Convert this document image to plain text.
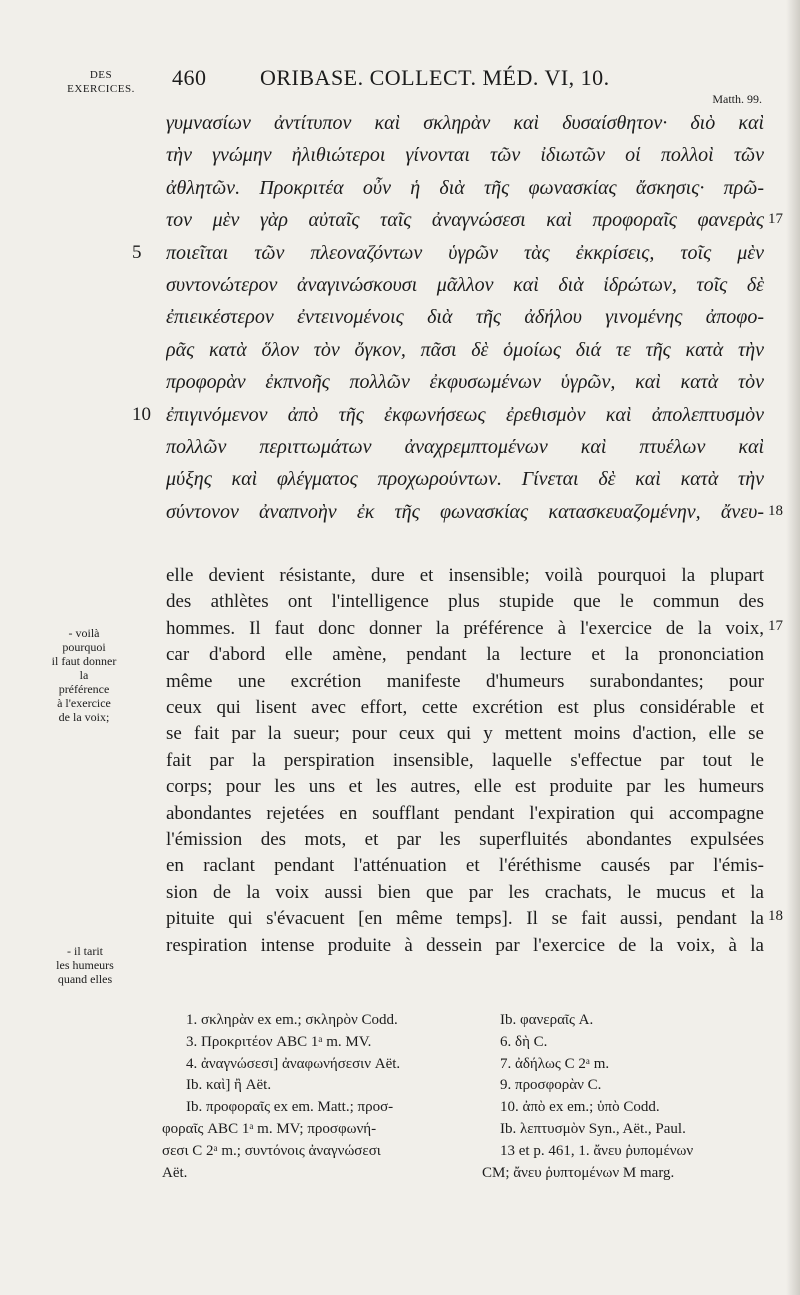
DES
EXERCICES.	460 ORIBASE. COLLECT. MÉD. VI, 10.
Matth. 99.
γυμνασίων ἀντίτυπον καὶ σκληρὰν καὶ δυσαίσθητον· διὸ καὶ
τὴν γνώμην ἠλιθιώτεροι γίνονται τῶν ἰδιωτῶν οἱ πολλοὶ τῶν
ἀθλητῶν. Προκριτέα οὖν ἡ διὰ τῆς φωνασκίας ἄσκησις· πρῶ-
τον μὲν γὰρ αὐταῖς ταῖς ἀναγνώσεσι καὶ προφοραῖς φανερὰς 17
ποιεῖται τῶν πλεοναζόντων ὑγρῶν τὰς ἐκκρίσεις, τοῖς μὲν
5
συντονώτερον ἀναγινώσκουσι μᾶλλον καὶ διὰ ἱδρώτων, τοῖς δὲ
ἐπιεικέστερον ἐντεινομένοις διὰ τῆς ἀδήλου γινομένης ἀποφο-
ρᾶς κατὰ ὅλον τὸν ὄγκον, πᾶσι δὲ ὁμοίως διά τε τῆς κατὰ τὴν
προφορὰν ἐκπνοῆς πολλῶν ἐκφυσωμένων ὑγρῶν, καὶ κατὰ τὸν
ἐπιγινόμενον ἀπὸ τῆς ἐκφωνήσεως ἐρεθισμὸν καὶ ἀπολεπτυσμὸν
10
πολλῶν περιττωμάτων ἀναχρεμπτομένων καὶ πτυέλων καὶ
μύξης καὶ φλέγματος προχωρούντων. Γίνεται δὲ καὶ κατὰ τὴν
σύντονον ἀναπνοὴν ἐκ τῆς φωνασκίας κατασκευαζομένην, ἄνευ- 18
elle devient résistante, dure et insensible; voilà pourquoi la plupart
des athlètes ont l'intelligence plus stupide que le commun des
hommes. Il faut donc donner la préférence à l'exercice de la voix, 17
car d'abord elle amène, pendant la lecture et la prononciation
même une excrétion manifeste d'humeurs surabondantes; pour
ceux qui lisent avec effort, cette excrétion est plus considérable et
se fait par la sueur; pour ceux qui y mettent moins d'action, elle se
fait par la perspiration insensible, laquelle s'effectue par tout le
corps; pour les uns et les autres, elle est produite par les humeurs
abondantes rejetées en soufflant pendant l'expiration qui accompagne
l'émission des mots, et par les superfluités abondantes expulsées
en raclant pendant l'atténuation et l'éréthisme causés par l'émis-
sion de la voix aussi bien que par les crachats, le mucus et la
pituite qui s'évacuent [en même temps]. Il se fait aussi, pendant la 18
respiration intense produite à dessein par l'exercice de la voix, à la
- voilà
pourquoi
il faut donner
la
préférence
à l'exercice
de la voix;
- il tarit
les humeurs
quand elles
1. σκληρὰν ex em.; σκληρὸν Codd.
3. Προκριτέον ABC 1ᵃ m. MV.
4. ἀναγνώσεσι] ἀναφωνήσεσιν Aët.
Ib. καὶ] ἢ Aët.
Ib. προφοραῖς ex em. Matt.; προσ-
φοραῖς ABC 1ᵃ m. MV; προσφωνή-
σεσι C 2ᵃ m.; συντόνοις ἀναγνώσεσι
Aët.
Ib. φανεραῖς A.
6. δὴ C.
7. ἀδήλως C 2ᵃ m.
9. προσφορὰν C.
10. ἀπὸ ex em.; ὑπὸ Codd.
Ib. λεπτυσμὸν Syn., Aët., Paul.
13 et p. 461, 1. ἄνευ ῥυπομένων
CM; ἄνευ ῥυπτομένων M marg.
